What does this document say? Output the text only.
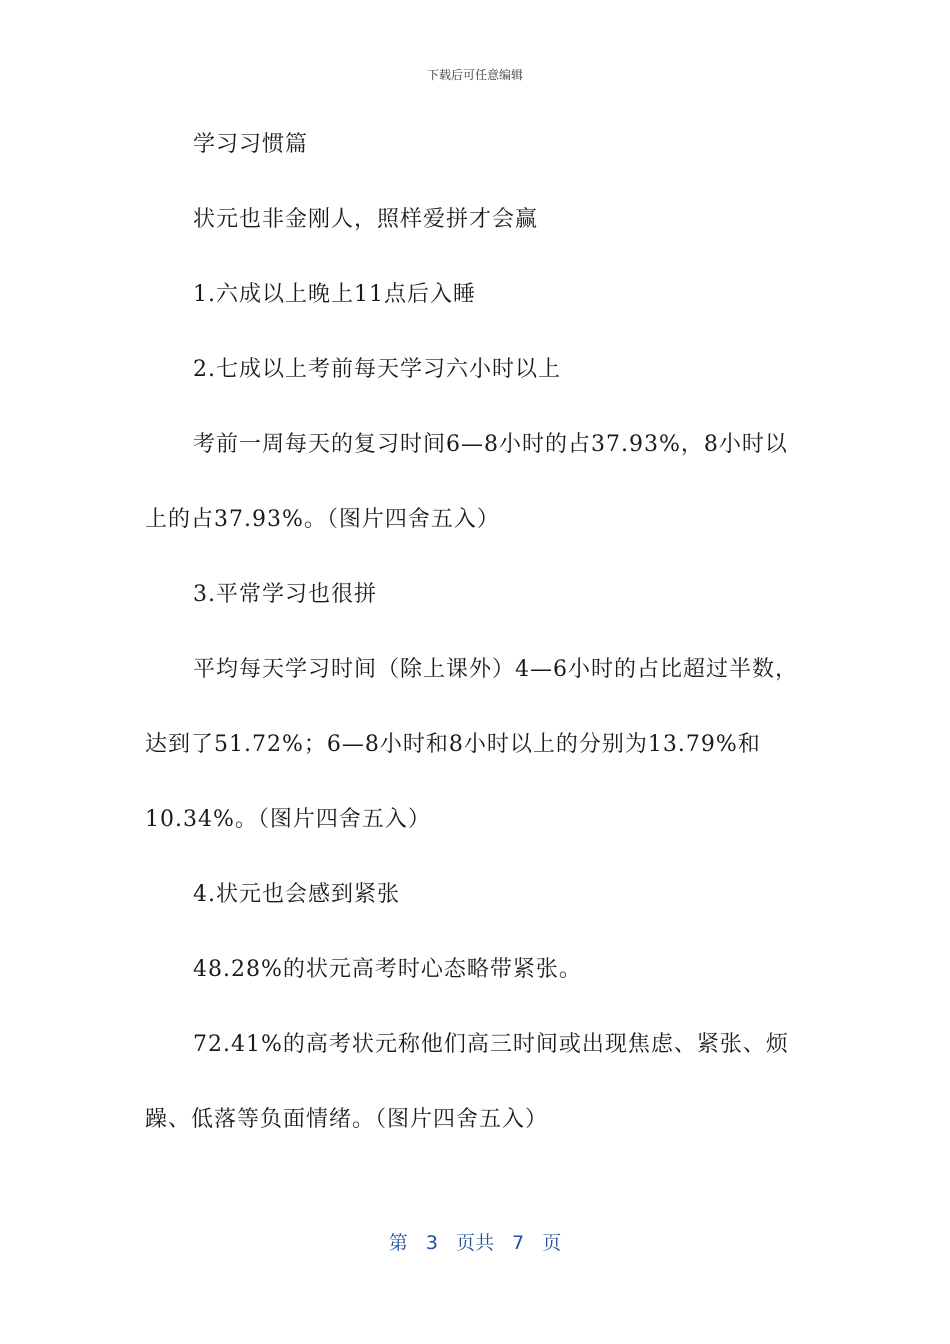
下载后可任意编辑
学习习惯篇
状元也非金刚人，照样爱拼才会赢
1.六成以上晚上11点后入睡
2.七成以上考前每天学习六小时以上
考前一周每天的复习时间6—8小时的占37.93%，8小时以
上的占37.93%。（图片四舍五入）
3.平常学习也很拼
平均每天学习时间（除上课外）4—6小时的占比超过半数，
达到了51.72%；6—8小时和8小时以上的分别为13.79%和
10.34%。（图片四舍五入）
4.状元也会感到紧张
48.28%的状元高考时心态略带紧张。
72.41%的高考状元称他们高三时间或出现焦虑、紧张、烦
躁、低落等负面情绪。（图片四舍五入）
第 3 页共 7 页
